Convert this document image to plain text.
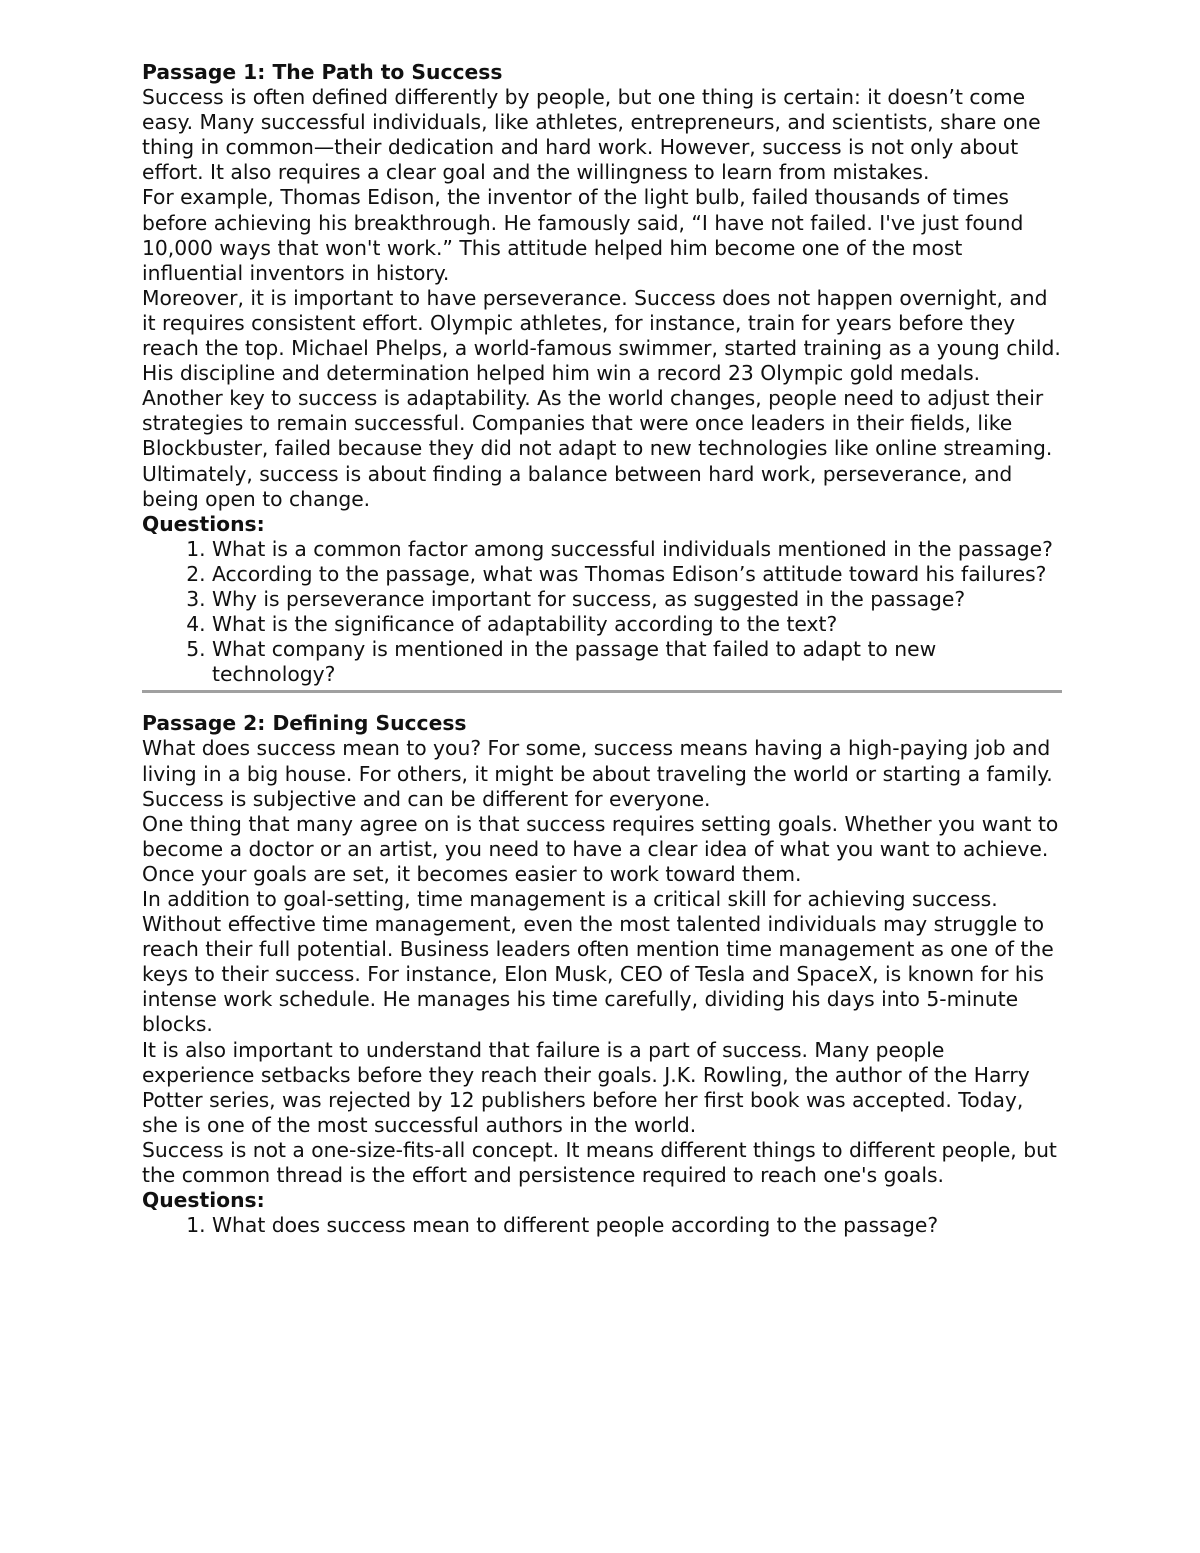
Passage 1: The Path to Success

Success is often defined differently by people, but one thing is certain: it doesn’t come easy. Many successful individuals, like athletes, entrepreneurs, and scientists, share one thing in common—their dedication and hard work. However, success is not only about effort. It also requires a clear goal and the willingness to learn from mistakes.

For example, Thomas Edison, the inventor of the light bulb, failed thousands of times before achieving his breakthrough. He famously said, “I have not failed. I've just found 10,000 ways that won't work.” This attitude helped him become one of the most influential inventors in history.

Moreover, it is important to have perseverance. Success does not happen overnight, and it requires consistent effort. Olympic athletes, for instance, train for years before they reach the top. Michael Phelps, a world-famous swimmer, started training as a young child. His discipline and determination helped him win a record 23 Olympic gold medals.

Another key to success is adaptability. As the world changes, people need to adjust their strategies to remain successful. Companies that were once leaders in their fields, like Blockbuster, failed because they did not adapt to new technologies like online streaming.

Ultimately, success is about finding a balance between hard work, perseverance, and being open to change.

Questions:
1. What is a common factor among successful individuals mentioned in the passage?
2. According to the passage, what was Thomas Edison’s attitude toward his failures?
3. Why is perseverance important for success, as suggested in the passage?
4. What is the significance of adaptability according to the text?
5. What company is mentioned in the passage that failed to adapt to new technology?
Passage 2: Defining Success

What does success mean to you? For some, success means having a high-paying job and living in a big house. For others, it might be about traveling the world or starting a family. Success is subjective and can be different for everyone.

One thing that many agree on is that success requires setting goals. Whether you want to become a doctor or an artist, you need to have a clear idea of what you want to achieve. Once your goals are set, it becomes easier to work toward them.

In addition to goal-setting, time management is a critical skill for achieving success. Without effective time management, even the most talented individuals may struggle to reach their full potential. Business leaders often mention time management as one of the keys to their success. For instance, Elon Musk, CEO of Tesla and SpaceX, is known for his intense work schedule. He manages his time carefully, dividing his days into 5-minute blocks.

It is also important to understand that failure is a part of success. Many people experience setbacks before they reach their goals. J.K. Rowling, the author of the Harry Potter series, was rejected by 12 publishers before her first book was accepted. Today, she is one of the most successful authors in the world.

Success is not a one-size-fits-all concept. It means different things to different people, but the common thread is the effort and persistence required to reach one's goals.

Questions:
1. What does success mean to different people according to the passage?
